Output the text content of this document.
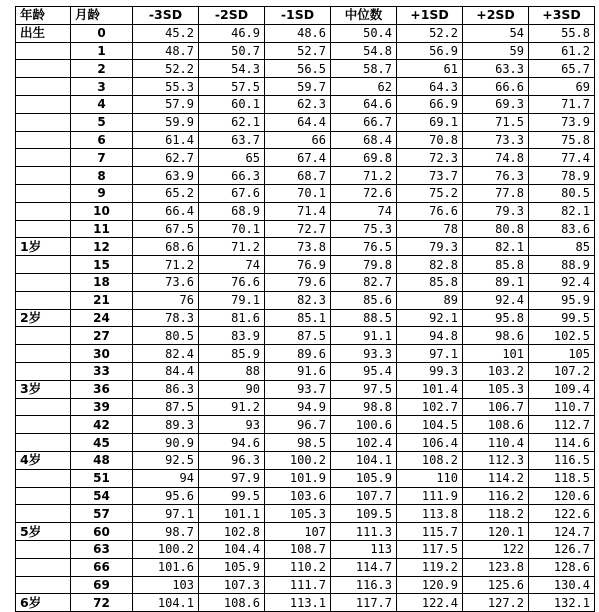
年龄	月龄	-3SD	-2SD	-1SD	中位数	+1SD	+2SD	+3SD
出生	0	45.2	46.9	48.6	50.4	52.2	54	55.8
	1	48.7	50.7	52.7	54.8	56.9	59	61.2
	2	52.2	54.3	56.5	58.7	61	63.3	65.7
	3	55.3	57.5	59.7	62	64.3	66.6	69
	4	57.9	60.1	62.3	64.6	66.9	69.3	71.7
	5	59.9	62.1	64.4	66.7	69.1	71.5	73.9
	6	61.4	63.7	66	68.4	70.8	73.3	75.8
	7	62.7	65	67.4	69.8	72.3	74.8	77.4
	8	63.9	66.3	68.7	71.2	73.7	76.3	78.9
	9	65.2	67.6	70.1	72.6	75.2	77.8	80.5
	10	66.4	68.9	71.4	74	76.6	79.3	82.1
	11	67.5	70.1	72.7	75.3	78	80.8	83.6
1岁	12	68.6	71.2	73.8	76.5	79.3	82.1	85
	15	71.2	74	76.9	79.8	82.8	85.8	88.9
	18	73.6	76.6	79.6	82.7	85.8	89.1	92.4
	21	76	79.1	82.3	85.6	89	92.4	95.9
2岁	24	78.3	81.6	85.1	88.5	92.1	95.8	99.5
	27	80.5	83.9	87.5	91.1	94.8	98.6	102.5
	30	82.4	85.9	89.6	93.3	97.1	101	105
	33	84.4	88	91.6	95.4	99.3	103.2	107.2
3岁	36	86.3	90	93.7	97.5	101.4	105.3	109.4
	39	87.5	91.2	94.9	98.8	102.7	106.7	110.7
	42	89.3	93	96.7	100.6	104.5	108.6	112.7
	45	90.9	94.6	98.5	102.4	106.4	110.4	114.6
4岁	48	92.5	96.3	100.2	104.1	108.2	112.3	116.5
	51	94	97.9	101.9	105.9	110	114.2	118.5
	54	95.6	99.5	103.6	107.7	111.9	116.2	120.6
	57	97.1	101.1	105.3	109.5	113.8	118.2	122.6
5岁	60	98.7	102.8	107	111.3	115.7	120.1	124.7
	63	100.2	104.4	108.7	113	117.5	122	126.7
	66	101.6	105.9	110.2	114.7	119.2	123.8	128.6
	69	103	107.3	111.7	116.3	120.9	125.6	130.4
6岁	72	104.1	108.6	113.1	117.7	122.4	127.2	132.1
